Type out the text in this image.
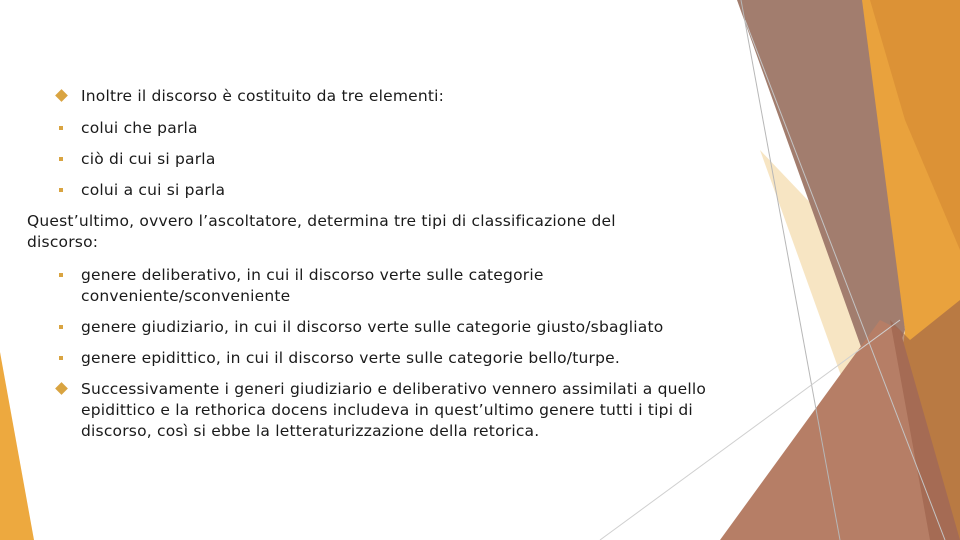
Inoltre il discorso è costituito da tre elementi:
colui che parla
ciò di cui si parla
colui a cui si parla
Quest’ultimo, ovvero l’ascoltatore, determina tre tipi di classificazione del discorso:
genere deliberativo, in cui il discorso verte sulle categorie conveniente/sconveniente
genere giudiziario, in cui il discorso verte sulle categorie giusto/sbagliato
genere epidittico, in cui il discorso verte sulle categorie bello/turpe.
Successivamente i generi giudiziario e deliberativo vennero assimilati a quello epidittico e la rethorica docens includeva in quest’ultimo genere tutti i tipi di discorso, così si ebbe la letteraturizzazione della retorica.
